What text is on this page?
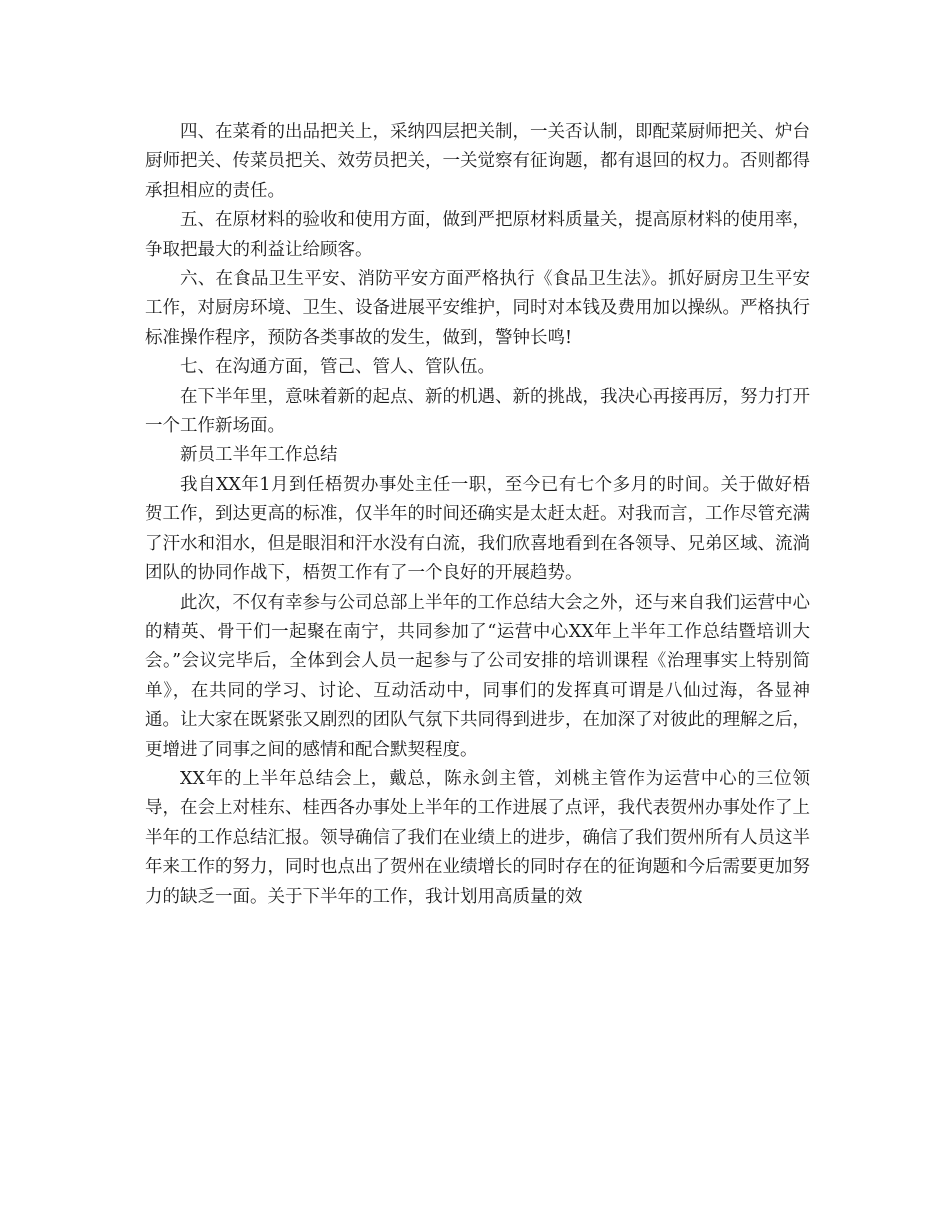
四、在菜肴的出品把关上，采纳四层把关制，一关否认制，即配菜厨师把关、炉台厨师把关、传菜员把关、效劳员把关，一关觉察有征询题，都有退回的权力。否则都得承担相应的责任。

五、在原材料的验收和使用方面，做到严把原材料质量关，提高原材料的使用率，争取把最大的利益让给顾客。

六、在食品卫生平安、消防平安方面严格执行《食品卫生法》。抓好厨房卫生平安工作，对厨房环境、卫生、设备进展平安维护，同时对本钱及费用加以操纵。严格执行标准操作程序，预防各类事故的发生，做到，警钟长鸣!

七、在沟通方面，管己、管人、管队伍。

在下半年里，意味着新的起点、新的机遇、新的挑战，我决心再接再厉，努力打开一个工作新场面。

新员工半年工作总结

我自XX年1月到任梧贺办事处主任一职，至今已有七个多月的时间。关于做好梧贺工作，到达更高的标准，仅半年的时间还确实是太赶太赶。对我而言，工作尽管充满了汗水和泪水，但是眼泪和汗水没有白流，我们欣喜地看到在各领导、兄弟区域、流淌团队的协同作战下，梧贺工作有了一个良好的开展趋势。

此次，不仅有幸参与公司总部上半年的工作总结大会之外，还与来自我们运营中心的精英、骨干们一起聚在南宁，共同参加了“运营中心XX年上半年工作总结暨培训大会。”会议完毕后，全体到会人员一起参与了公司安排的培训课程《治理事实上特别简单》，在共同的学习、讨论、互动活动中，同事们的发挥真可谓是八仙过海，各显神通。让大家在既紧张又剧烈的团队气氛下共同得到进步，在加深了对彼此的理解之后，更增进了同事之间的感情和配合默契程度。

XX年的上半年总结会上，戴总，陈永剑主管，刘桃主管作为运营中心的三位领导，在会上对桂东、桂西各办事处上半年的工作进展了点评，我代表贺州办事处作了上半年的工作总结汇报。领导确信了我们在业绩上的进步，确信了我们贺州所有人员这半年来工作的努力，同时也点出了贺州在业绩增长的同时存在的征询题和今后需要更加努力的缺乏一面。关于下半年的工作，我计划用高质量的效
